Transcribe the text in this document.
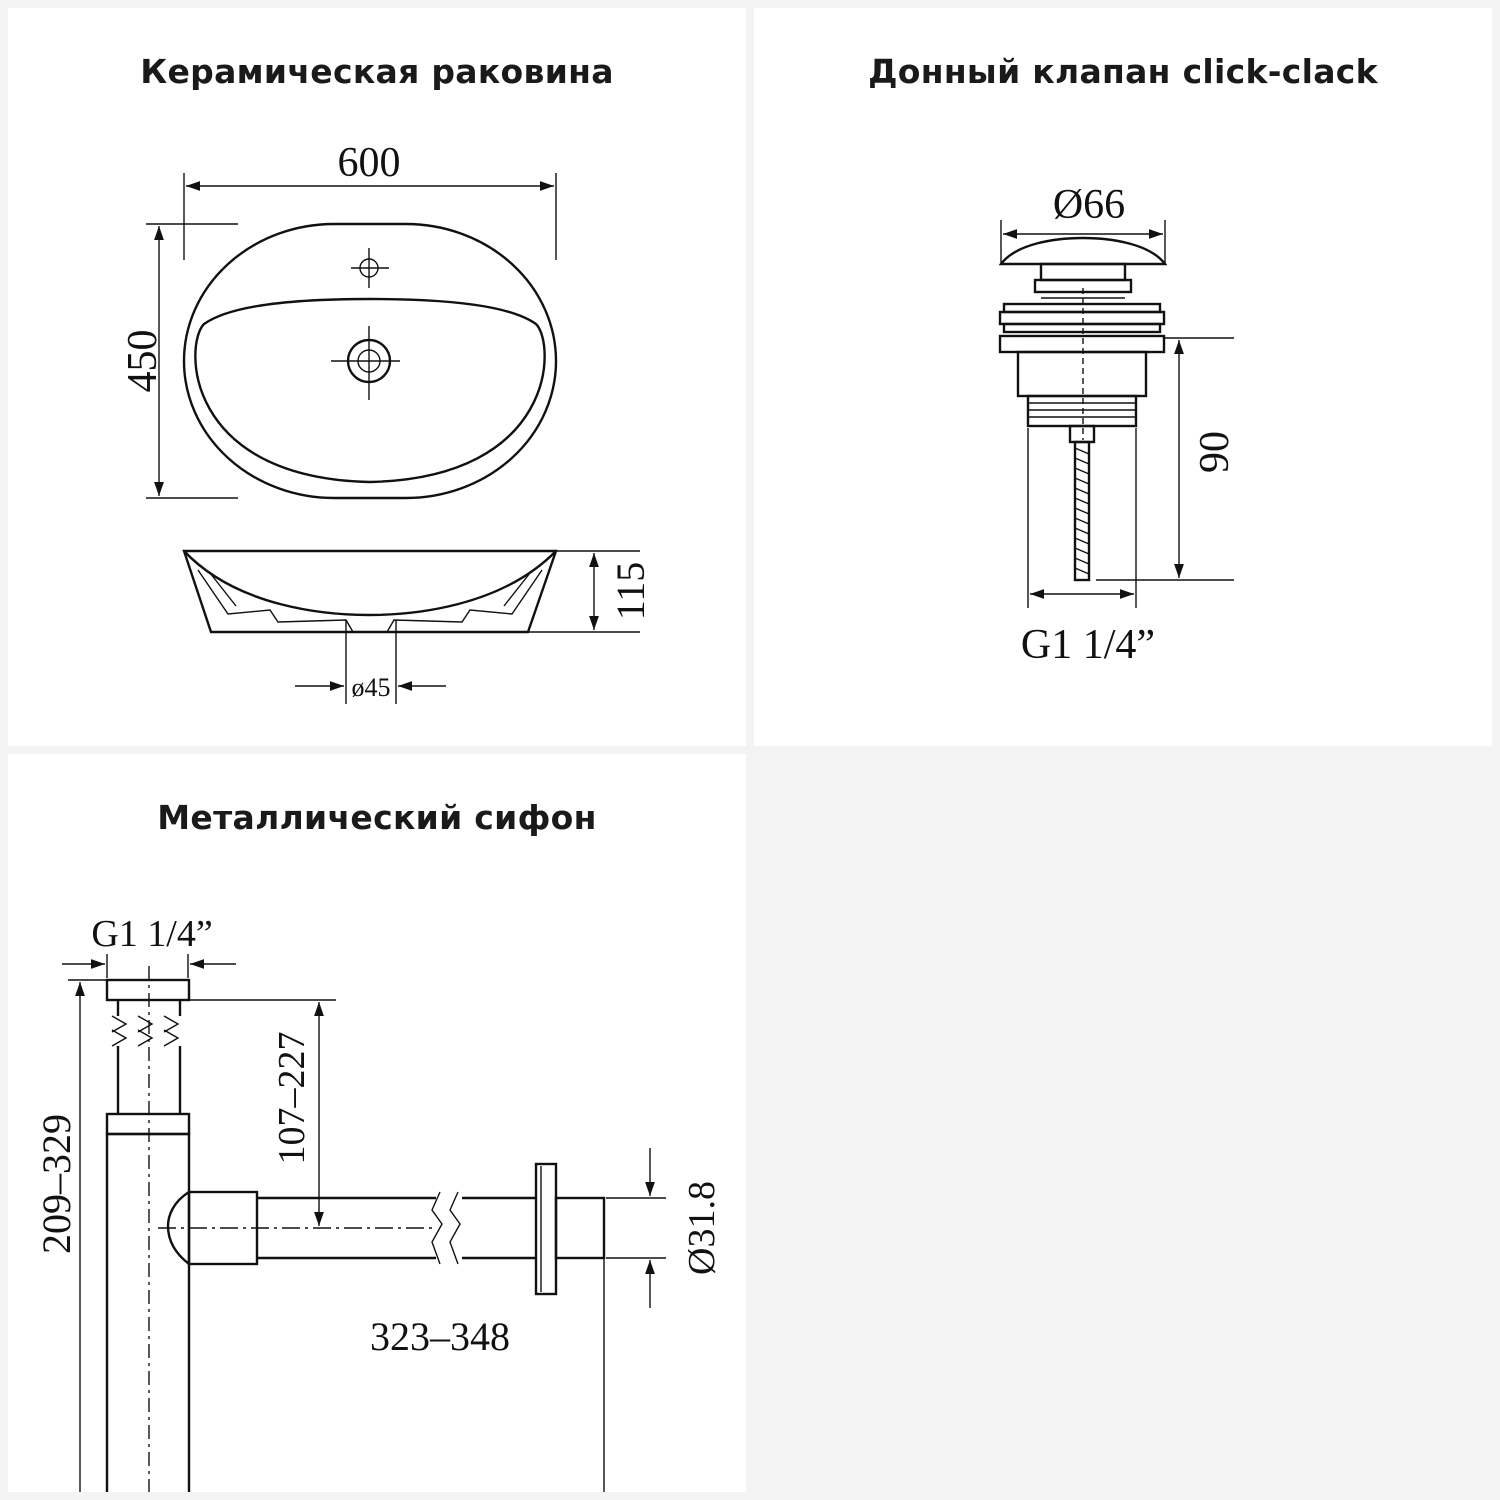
Керамическая раковина
600
450
115
ø45
Донный клапан click-clack
Ø66
90
G1 1/4”
Металлический сифон
G1 1/4”
209–329
107–227
Ø31.8
323–348
